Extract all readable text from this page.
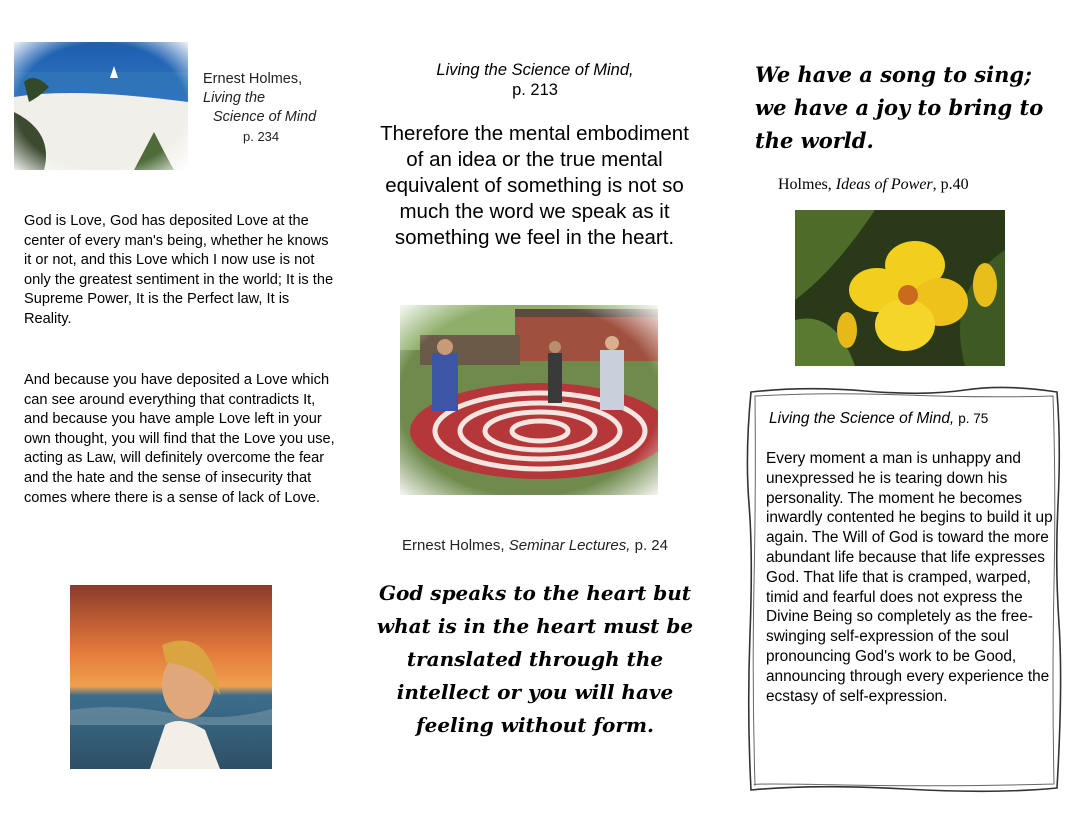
Ernest Holmes,
Living the
Science of Mind
p. 234
God is Love, God has deposited Love at the center of every man's being, whether he knows it or not, and this Love which I now use is not only the greatest sentiment in the world; It is the Supreme Power, It is the Perfect law, It is Reality.
And because you have deposited a Love which can see around everything that contradicts It, and because you have ample Love left in your own thought, you will find that the Love you use, acting as Law, will definitely overcome the fear and the hate and the sense of insecurity that comes where there is a sense of lack of Love.
Living the Science of Mind,
p. 213
Therefore the mental embodiment of an idea or the true mental equivalent of something is not so much the word we speak as it something we feel in the heart.
Ernest Holmes, Seminar Lectures, p. 24
God speaks to the heart but what is in the heart must be translated through the intellect or you will have feeling without form.
We have a song to sing; we have a joy to bring to the world.
Holmes, Ideas of Power, p.40
Living the Science of Mind, p. 75
Every moment a man is unhappy and unexpressed he is tearing down his personality. The moment he becomes inwardly contented he begins to build it up again. The Will of God is toward the more abundant life because that life expresses God. That life that is cramped, warped, timid and fearful does not express the Divine Being so completely as the free-swinging self-expression of the soul pronouncing God's work to be Good, announcing through every experience the ecstasy of self-expression.
